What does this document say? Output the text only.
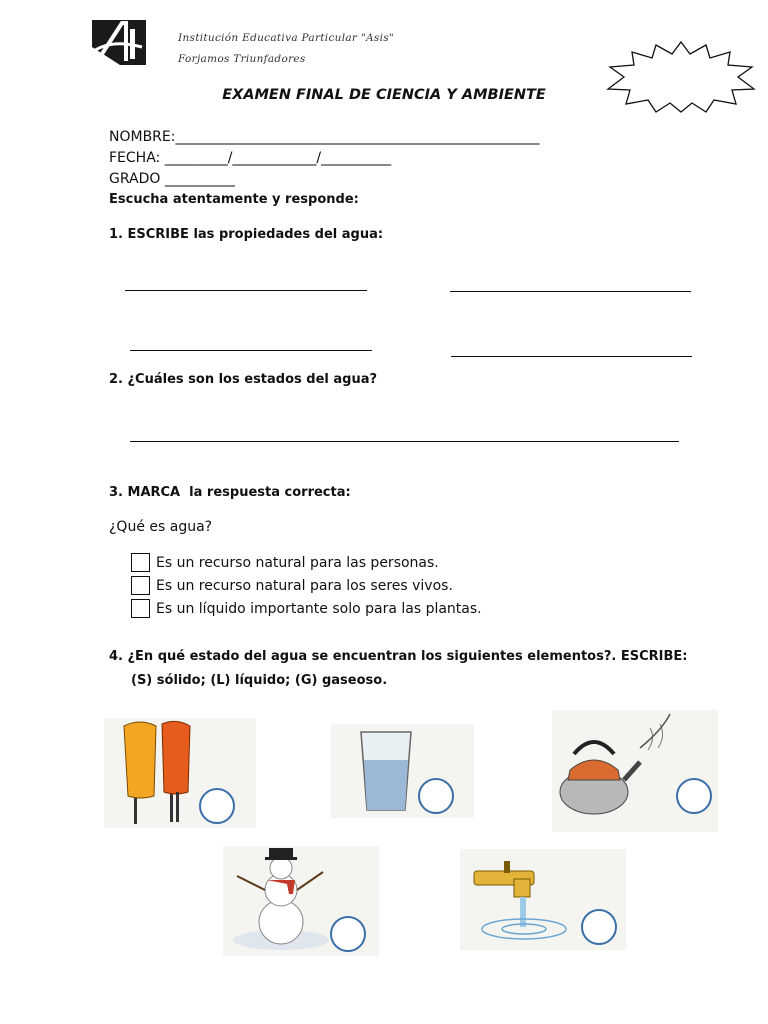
Institución Educativa Particular "Asis"
Forjamos Triunfadores
EXAMEN FINAL DE CIENCIA Y AMBIENTE
NOMBRE:____________________________________________________
FECHA: _________/____________/__________
GRADO __________
Escucha atentamente y responde:
1. ESCRIBE las propiedades del agua:
2. ¿Cuáles son los estados del agua?
3. MARCA  la respuesta correcta:
¿Qué es agua?
Es un recurso natural para las personas.
Es un recurso natural para los seres vivos.
Es un líquido importante solo para las plantas.
4. ¿En qué estado del agua se encuentran los siguientes elementos?. ESCRIBE:
(S) sólido; (L) líquido; (G) gaseoso.
